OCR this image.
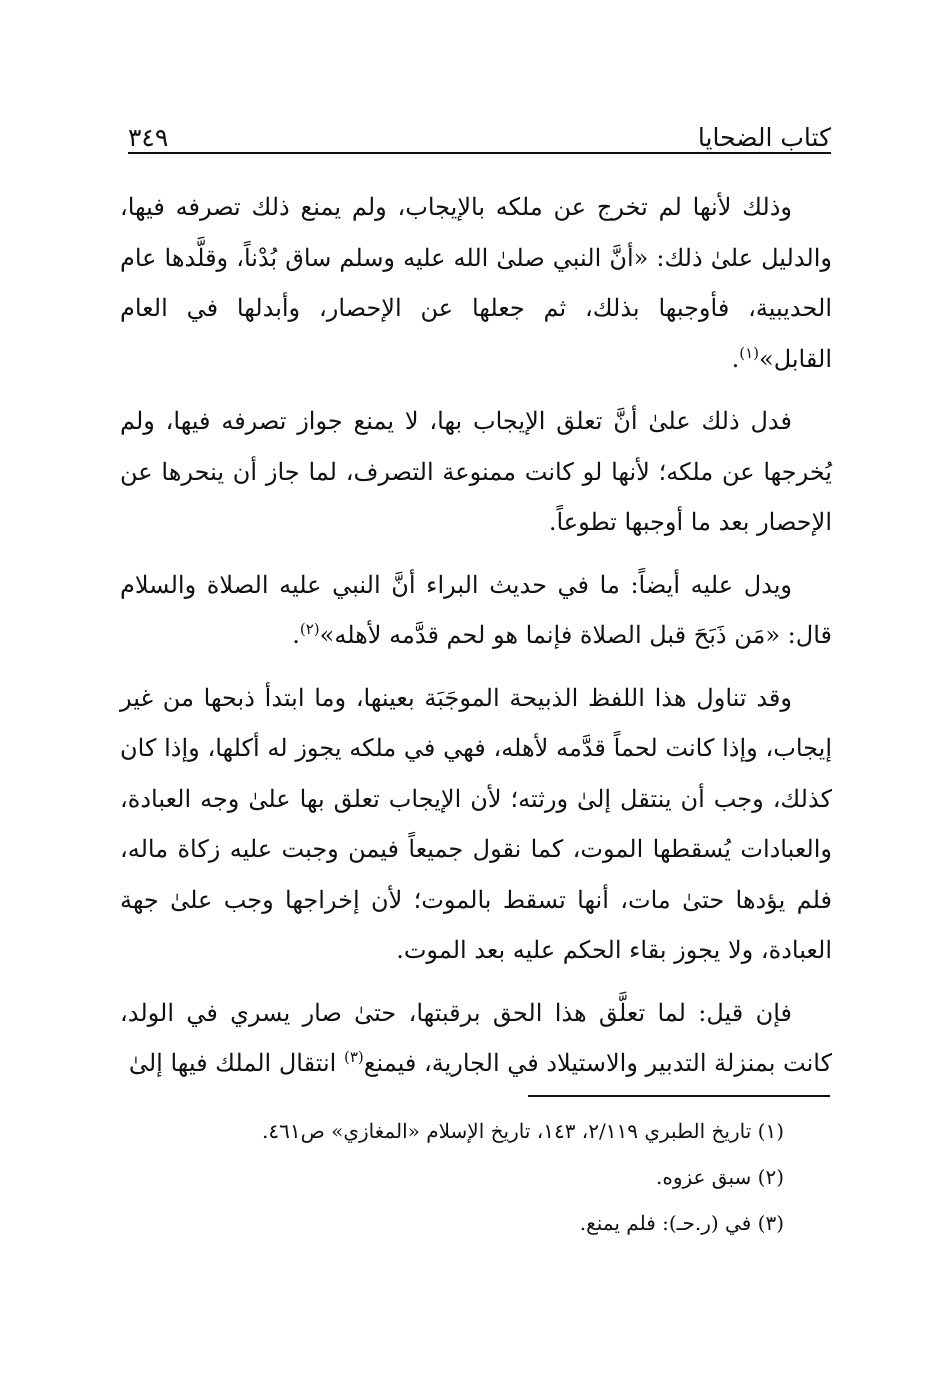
كتاب الضحايا
٣٤٩

وذلك لأنها لم تخرج عن ملكه بالإيجاب، ولم يمنع ذلك تصرفه فيها، والدليل علىٰ ذلك: «أنَّ النبي صلىٰ الله عليه وسلم ساق بُدْناً، وقلَّدها عام الحديبية، فأوجبها بذلك، ثم جعلها عن الإحصار، وأبدلها في العام القابل»$^{(١)}$.

فدل ذلك علىٰ أنَّ تعلق الإيجاب بها، لا يمنع جواز تصرفه فيها، ولم يُخرجها عن ملكه؛ لأنها لو كانت ممنوعة التصرف، لما جاز أن ينحرها عن الإحصار بعد ما أوجبها تطوعاً.

ويدل عليه أيضاً: ما في حديث البراء أنَّ النبي عليه الصلاة والسلام قال: «مَن ذَبَحَ قبل الصلاة فإنما هو لحم قدَّمه لأهله»$^{(٢)}$.

وقد تناول هذا اللفظ الذبيحة الموجَبَة بعينها، وما ابتدأ ذبحها من غير إيجاب، وإذا كانت لحماً قدَّمه لأهله، فهي في ملكه يجوز له أكلها، وإذا كان كذلك، وجب أن ينتقل إلىٰ ورثته؛ لأن الإيجاب تعلق بها علىٰ وجه العبادة، والعبادات يُسقطها الموت، كما نقول جميعاً فيمن وجبت عليه زكاة ماله، فلم يؤدها حتىٰ مات، أنها تسقط بالموت؛ لأن إخراجها وجب علىٰ جهة العبادة، ولا يجوز بقاء الحكم عليه بعد الموت.

فإن قيل: لما تعلَّق هذا الحق برقبتها، حتىٰ صار يسري في الولد، كانت بمنزلة التدبير والاستيلاد في الجارية، فيمنع$^{(٣)}$ انتقال الملك فيها إلىٰ

(١) تاريخ الطبري ٢/١١٩، ١٤٣، تاريخ الإسلام «المغازي» ص٤٦١.
(٢) سبق عزوه.
(٣) في (ر.حـ): فلم يمنع.
